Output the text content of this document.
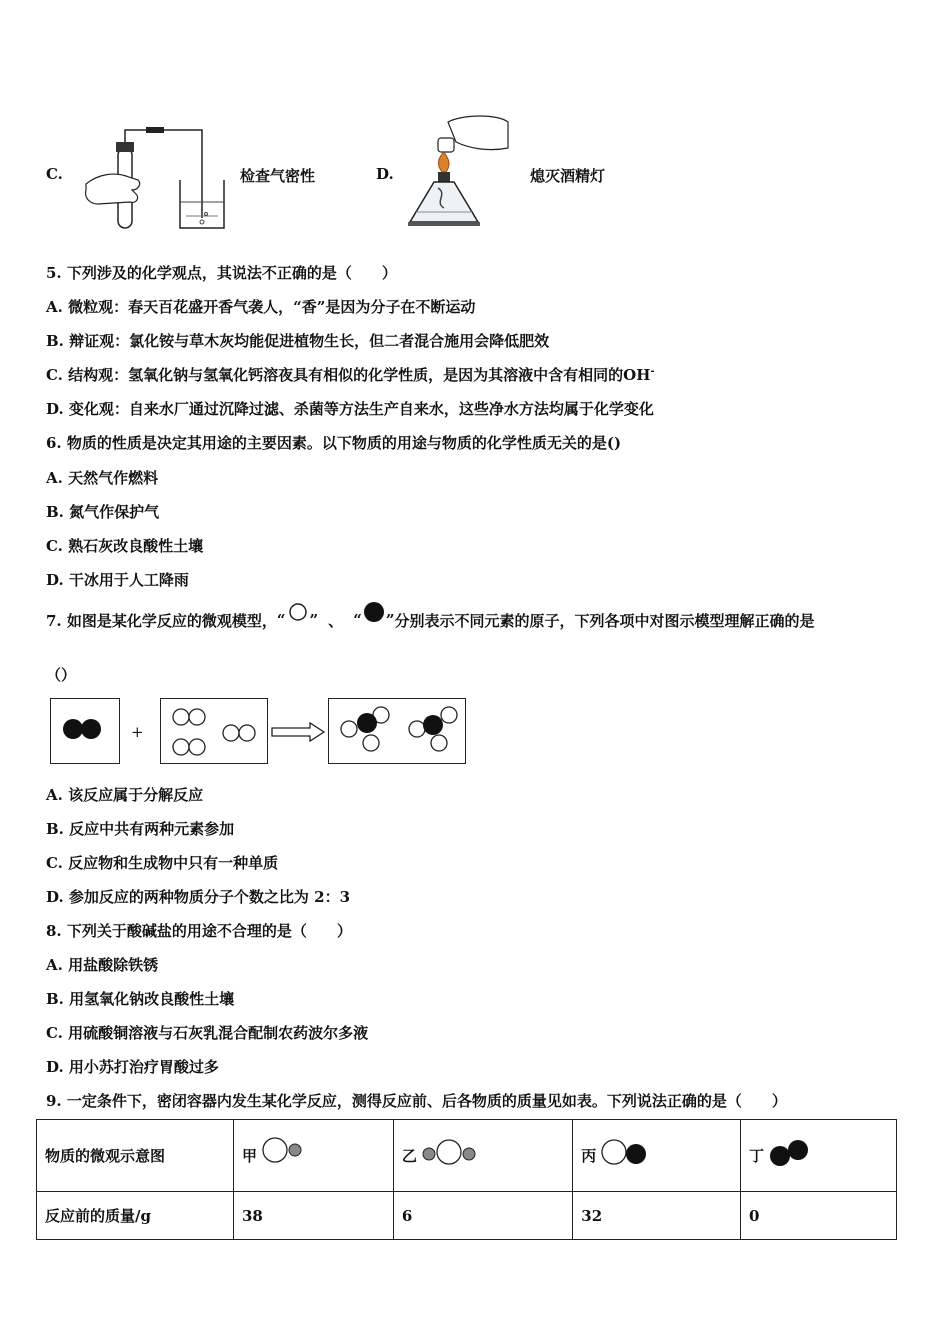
C.	检查气密性	D.	熄灭酒精灯
5. 下列涉及的化学观点，其说法不正确的是（　　）
A. 微粒观：春天百花盛开香气袭人，“香”是因为分子在不断运动
B. 辩证观：氯化铵与草木灰均能促进植物生长，但二者混合施用会降低肥效
C. 结构观：氢氧化钠与氢氧化钙溶夜具有相似的化学性质，是因为其溶液中含有相同的OH-
D. 变化观：自来水厂通过沉降过滤、杀菌等方法生产自来水，这些净水方法均属于化学变化
6. 物质的性质是决定其用途的主要因素。以下物质的用途与物质的化学性质无关的是()
A. 天然气作燃料
B. 氮气作保护气
C. 熟石灰改良酸性土壤
D. 干冰用于人工降雨
7. 如图是某化学反应的微观模型， “ ” 、 “ ” 分别表示不同元素的原子，下列各项中对图示模型理解正确的是
（）
+
A. 该反应属于分解反应
B. 反应中共有两种元素参加
C. 反应物和生成物中只有一种单质
D. 参加反应的两种物质分子个数之比为 2：3
8. 下列关于酸碱盐的用途不合理的是（　　）
A. 用盐酸除铁锈
B. 用氢氧化钠改良酸性土壤
C. 用硫酸铜溶液与石灰乳混合配制农药波尔多液
D. 用小苏打治疗胃酸过多
9. 一定条件下，密闭容器内发生某化学反应，测得反应前、后各物质的质量见如表。下列说法正确的是（　　）
物质的微观示意图	甲	乙	丙	丁

反应前的质量/g	38	6	32	0
